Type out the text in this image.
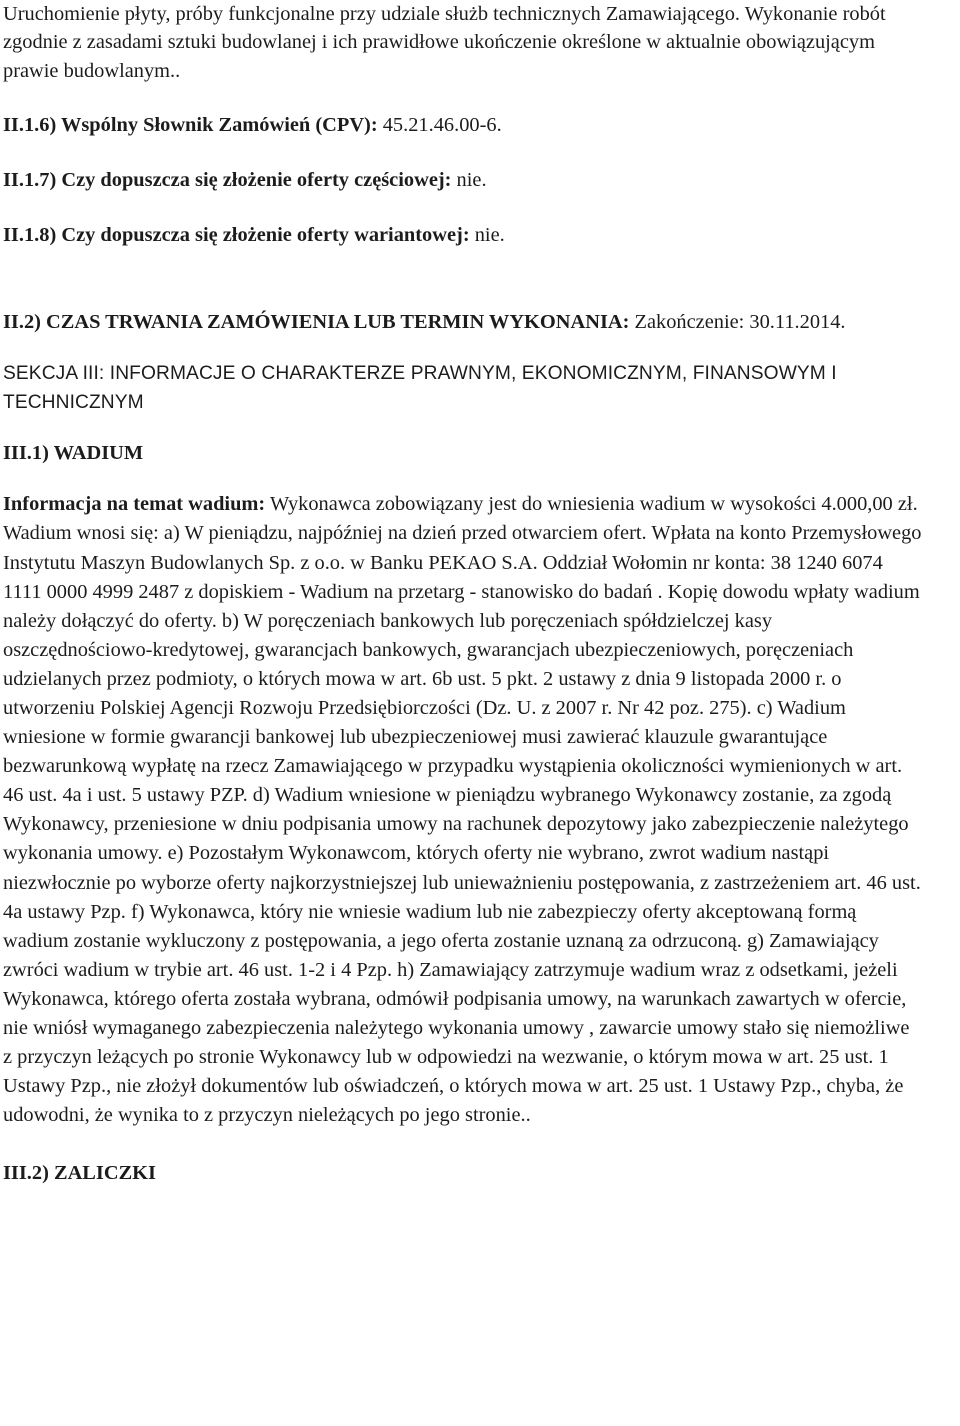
Uruchomienie płyty, próby funkcjonalne przy udziale służb technicznych Zamawiającego. Wykonanie robót zgodnie z zasadami sztuki budowlanej i ich prawidłowe ukończenie określone w aktualnie obowiązującym prawie budowlanym..

II.1.6) Wspólny Słownik Zamówień (CPV): 45.21.46.00-6.

II.1.7) Czy dopuszcza się złożenie oferty częściowej: nie.

II.1.8) Czy dopuszcza się złożenie oferty wariantowej: nie.

II.2) CZAS TRWANIA ZAMÓWIENIA LUB TERMIN WYKONANIA: Zakończenie: 30.11.2014.

SEKCJA III: INFORMACJE O CHARAKTERZE PRAWNYM, EKONOMICZNYM, FINANSOWYM I TECHNICZNYM

III.1) WADIUM

Informacja na temat wadium: Wykonawca zobowiązany jest do wniesienia wadium w wysokości 4.000,00 zł. Wadium wnosi się: a) W pieniądzu, najpóźniej na dzień przed otwarciem ofert. Wpłata na konto Przemysłowego Instytutu Maszyn Budowlanych Sp. z o.o. w Banku PEKAO S.A. Oddział Wołomin nr konta: 38 1240 6074 1111 0000 4999 2487 z dopiskiem - Wadium na przetarg - stanowisko do badań . Kopię dowodu wpłaty wadium należy dołączyć do oferty. b) W poręczeniach bankowych lub poręczeniach spółdzielczej kasy oszczędnościowo-kredytowej, gwarancjach bankowych, gwarancjach ubezpieczeniowych, poręczeniach udzielanych przez podmioty, o których mowa w art. 6b ust. 5 pkt. 2 ustawy z dnia 9 listopada 2000 r. o utworzeniu Polskiej Agencji Rozwoju Przedsiębiorczości (Dz. U. z 2007 r. Nr 42 poz. 275). c) Wadium wniesione w formie gwarancji bankowej lub ubezpieczeniowej musi zawierać klauzule gwarantujące bezwarunkową wypłatę na rzecz Zamawiającego w przypadku wystąpienia okoliczności wymienionych w art. 46 ust. 4a i ust. 5 ustawy PZP. d) Wadium wniesione w pieniądzu wybranego Wykonawcy zostanie, za zgodą Wykonawcy, przeniesione w dniu podpisania umowy na rachunek depozytowy jako zabezpieczenie należytego wykonania umowy. e) Pozostałym Wykonawcom, których oferty nie wybrano, zwrot wadium nastąpi niezwłocznie po wyborze oferty najkorzystniejszej lub unieważnieniu postępowania, z zastrzeżeniem art. 46 ust. 4a ustawy Pzp. f) Wykonawca, który nie wniesie wadium lub nie zabezpieczy oferty akceptowaną formą wadium zostanie wykluczony z postępowania, a jego oferta zostanie uznaną za odrzuconą. g) Zamawiający zwróci wadium w trybie art. 46 ust. 1-2 i 4 Pzp. h) Zamawiający zatrzymuje wadium wraz z odsetkami, jeżeli Wykonawca, którego oferta została wybrana, odmówił podpisania umowy, na warunkach zawartych w ofercie, nie wniósł wymaganego zabezpieczenia należytego wykonania umowy , zawarcie umowy stało się niemożliwe z przyczyn leżących po stronie Wykonawcy lub w odpowiedzi na wezwanie, o którym mowa w art. 25 ust. 1 Ustawy Pzp., nie złożył dokumentów lub oświadczeń, o których mowa w art. 25 ust. 1 Ustawy Pzp., chyba, że udowodni, że wynika to z przyczyn nieleżących po jego stronie..

III.2) ZALICZKI
